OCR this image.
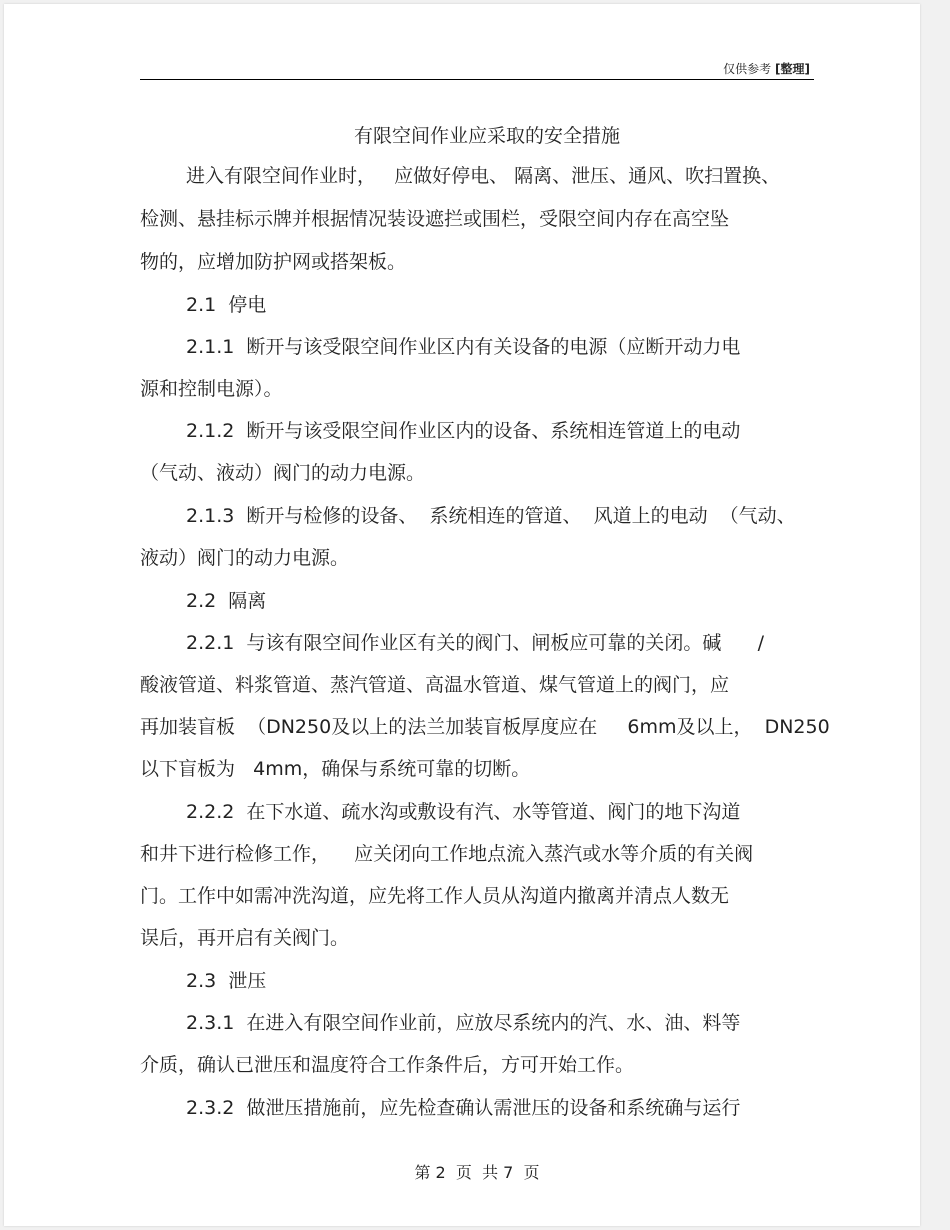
仅供参考 [整理]
有限空间作业应采取的安全措施
进入有限空间作业时，   应做好停电、 隔离、泄压、通风、吹扫置换、
检测、悬挂标示牌并根据情况装设遮拦或围栏，受限空间内存在高空坠
物的，应增加防护网或搭架板。
2.1  停电
2.1.1  断开与该受限空间作业区内有关设备的电源（应断开动力电
源和控制电源）。
2.1.2  断开与该受限空间作业区内的设备、系统相连管道上的电动
（气动、液动）阀门的动力电源。
2.1.3  断开与检修的设备、  系统相连的管道、  风道上的电动  （气动、
液动）阀门的动力电源。
2.2  隔离
2.2.1  与该有限空间作业区有关的阀门、闸板应可靠的关闭。碱      /
酸液管道、料浆管道、蒸汽管道、高温水管道、煤气管道上的阀门，应
再加装盲板  （DN250及以上的法兰加装盲板厚度应在     6mm及以上，  DN250
以下盲板为   4mm，确保与系统可靠的切断。
2.2.2  在下水道、疏水沟或敷设有汽、水等管道、阀门的地下沟道
和井下进行检修工作，    应关闭向工作地点流入蒸汽或水等介质的有关阀
门。工作中如需冲洗沟道，应先将工作人员从沟道内撤离并清点人数无
误后，再开启有关阀门。
2.3  泄压
2.3.1  在进入有限空间作业前，应放尽系统内的汽、水、油、料等
介质，确认已泄压和温度符合工作条件后，方可开始工作。
2.3.2  做泄压措施前，应先检查确认需泄压的设备和系统确与运行
第 2  页  共 7  页
